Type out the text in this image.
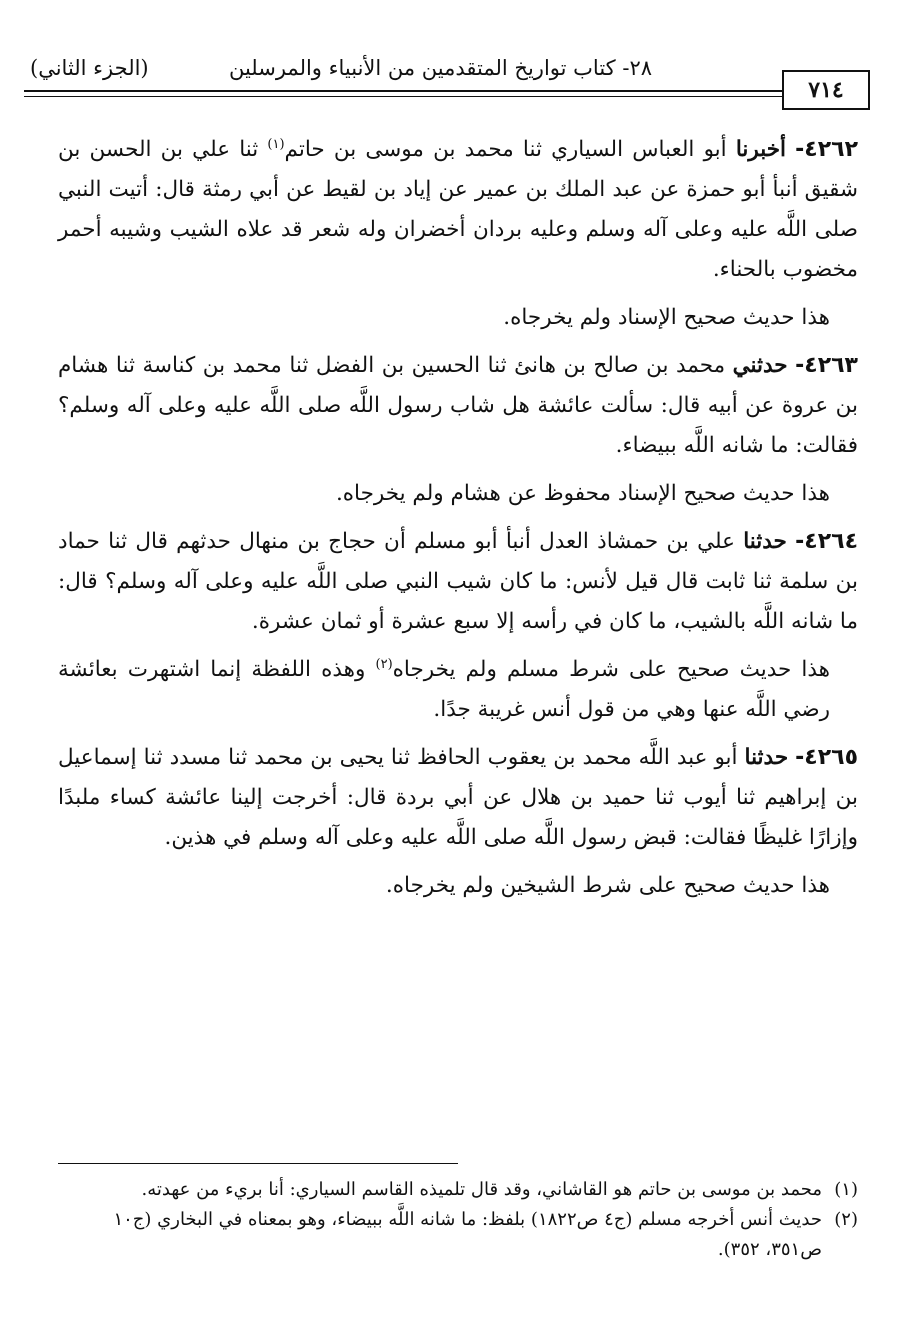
(الجزء الثاني)	٢٨- كتاب تواريخ المتقدمين من الأنبياء والمرسلين
٧١٤

٤٢٦٢- أخبرنا أبو العباس السياري ثنا محمد بن موسى بن حاتم$^{(١)}$ ثنا علي بن الحسن بن شقيق أنبأ أبو حمزة عن عبد الملك بن عمير عن إياد بن لقيط عن أبي رمثة قال: أتيت النبي صلى اللَّه عليه وعلى آله وسلم وعليه بردان أخضران وله شعر قد علاه الشيب وشيبه أحمر مخضوب بالحناء.

هذا حديث صحيح الإسناد ولم يخرجاه.

٤٢٦٣- حدثني محمد بن صالح بن هانئ ثنا الحسين بن الفضل ثنا محمد بن كناسة ثنا هشام بن عروة عن أبيه قال: سألت عائشة هل شاب رسول اللَّه صلى اللَّه عليه وعلى آله وسلم؟ فقالت: ما شانه اللَّه ببيضاء.

هذا حديث صحيح الإسناد محفوظ عن هشام ولم يخرجاه.

٤٢٦٤- حدثنا علي بن حمشاذ العدل أنبأ أبو مسلم أن حجاج بن منهال حدثهم قال ثنا حماد بن سلمة ثنا ثابت قال قيل لأنس: ما كان شيب النبي صلى اللَّه عليه وعلى آله وسلم؟ قال: ما شانه اللَّه بالشيب، ما كان في رأسه إلا سبع عشرة أو ثمان عشرة.

هذا حديث صحيح على شرط مسلم ولم يخرجاه$^{(٢)}$ وهذه اللفظة إنما اشتهرت بعائشة رضي اللَّه عنها وهي من قول أنس غريبة جدًا.

٤٢٦٥- حدثنا أبو عبد اللَّه محمد بن يعقوب الحافظ ثنا يحيى بن محمد ثنا مسدد ثنا إسماعيل بن إبراهيم ثنا أيوب ثنا حميد بن هلال عن أبي بردة قال: أخرجت إلينا عائشة كساء ملبدًا وإزارًا غليظًا فقالت: قبض رسول اللَّه صلى اللَّه عليه وعلى آله وسلم في هذين.

هذا حديث صحيح على شرط الشيخين ولم يخرجاه.

(١)محمد بن موسى بن حاتم هو القاشاني، وقد قال تلميذه القاسم السياري: أنا بريء من عهدته.

(٢)حديث أنس أخرجه مسلم (ج٤ ص١٨٢٢) بلفظ: ما شانه اللَّه ببيضاء، وهو بمعناه في البخاري (ج١٠ ص٣٥١، ٣٥٢).
